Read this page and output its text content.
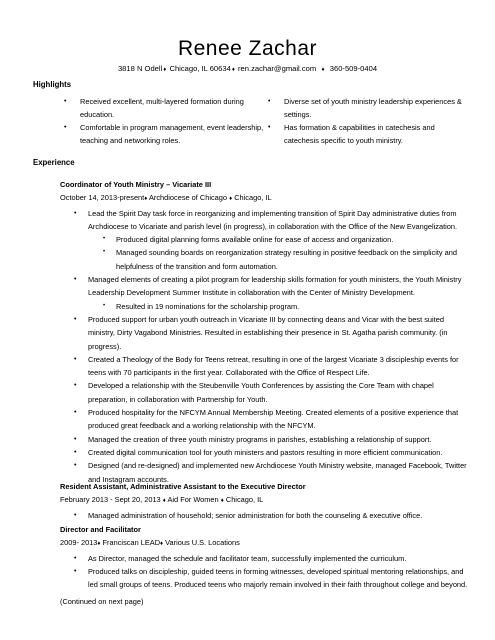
Renee Zachar
3818 N Odell♦ Chicago, IL 60634♦ ren.zachar@gmail.com ♦ 360-509-0404
Highlights
• Received excellent, multi-layered formation during education.
• Comfortable in program management, event leadership, teaching and networking roles.
• Diverse set of youth ministry leadership experiences & settings.
• Has formation & capabilities in catechesis and catechesis specific to youth ministry.
Experience
Coordinator of Youth Ministry – Vicariate III
October 14, 2013-present♦ Archdiocese of Chicago ♦ Chicago, IL
• Lead the Spirit Day task force in reorganizing and implementing transition of Spirit Day administrative duties from Archdiocese to Vicariate and parish level (in progress), in collaboration with the Office of the New Evangelization.
• Produced digital planning forms available online for ease of access and organization.
• Managed sounding boards on reorganization strategy resulting in positive feedback on the simplicity and helpfulness of the transition and form automation.
• Managed elements of creating a pilot program for leadership skills formation for youth ministers, the Youth Ministry Leadership Development Summer Institute in collaboration with the Center of Ministry Development.
• Resulted in 19 nominations for the scholarship program.
• Produced support for urban youth outreach in Vicariate III by connecting deans and Vicar with the best suited ministry, Dirty Vagabond Ministries. Resulted in establishing their presence in St. Agatha parish community. (in progress).
• Created a Theology of the Body for Teens retreat, resulting in one of the largest Vicariate 3 discipleship events for teens with 70 participants in the first year. Collaborated with the Office of Respect Life.
• Developed a relationship with the Steubenville Youth Conferences by assisting the Core Team with chapel preparation, in collaboration with Partnership for Youth.
• Produced hospitality for the NFCYM Annual Membership Meeting. Created elements of a positive experience that produced great feedback and a working relationship with the NFCYM.
• Managed the creation of three youth ministry programs in parishes, establishing a relationship of support.
• Created digital communication tool for youth ministers and pastors resulting in more efficient communication.
• Designed (and re-designed) and implemented new Archdiocese Youth Ministry website, managed Facebook, Twitter and Instagram accounts.
Resident Assistant, Administrative Assistant to the Executive Director
February 2013 - Sept 20, 2013 ♦ Aid For Women ♦ Chicago, IL
• Managed administration of household; senior administration for both the counseling & executive office.
Director and Facilitator
2009- 2013♦ Franciscan LEAD♦ Various U.S. Locations
• As Director, managed the schedule and facilitator team, successfully implemented the curriculum.
• Produced talks on discipleship, guided teens in forming witnesses, developed spiritual mentoring relationships, and led small groups of teens. Produced teens who majorly remain involved in their faith throughout college and beyond.
(Continued on next page)
